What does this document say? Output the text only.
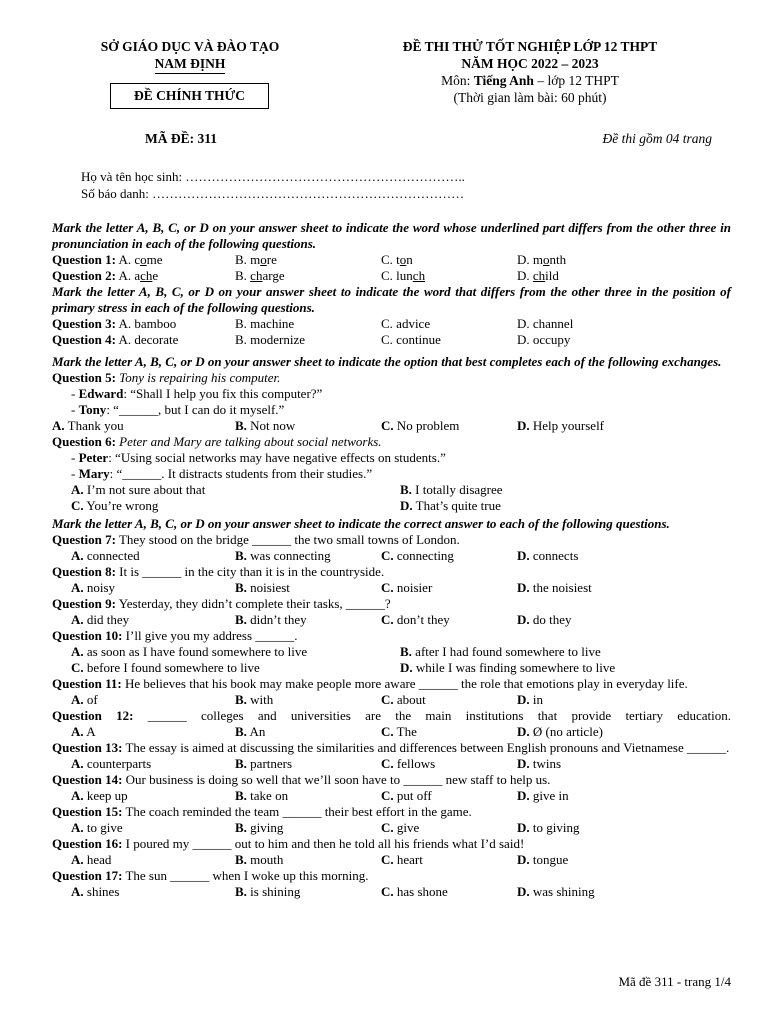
SỞ GIÁO DỤC VÀ ĐÀO TẠO
NAM ĐỊNH
ĐỀ CHÍNH THỨC
ĐỀ THI THỬ TỐT NGHIỆP LỚP 12 THPT
NĂM HỌC 2022 – 2023
Môn: Tiếng Anh – lớp 12 THPT
(Thời gian làm bài: 60 phút)
MÃ ĐỀ: 311	Đề thi gồm 04 trang
Họ và tên học sinh: ………………………………………………………..
Số báo danh: ………………………………………………………………
Mark the letter A, B, C, or D on your answer sheet to indicate the word whose underlined part differs from the other three in pronunciation in each of the following questions.
Question 1: A. come	B. more	C. ton	D. month
Question 2: A. ache	B. charge	C. lunch	D. child
Mark the letter A, B, C, or D on your answer sheet to indicate the word that differs from the other three in the position of primary stress in each of the following questions.
Question 3: A. bamboo	B. machine	C. advice	D. channel
Question 4: A. decorate	B. modernize	C. continue	D. occupy
Mark the letter A, B, C, or D on your answer sheet to indicate the option that best completes each of the following exchanges.
Question 5: Tony is repairing his computer.
- Edward: “Shall I help you fix this computer?”
- Tony: “______, but I can do it myself.”
A. Thank you	B. Not now	C. No problem	D. Help yourself
Question 6: Peter and Mary are talking about social networks.
- Peter: “Using social networks may have negative effects on students.”
- Mary: “______. It distracts students from their studies.”
A. I’m not sure about that	B. I totally disagree
C. You’re wrong	D. That’s quite true
Mark the letter A, B, C, or D on your answer sheet to indicate the correct answer to each of the following questions.
Question 7: They stood on the bridge ______ the two small towns of London.
A. connected	B. was connecting	C. connecting	D. connects
Question 8: It is ______ in the city than it is in the countryside.
A. noisy	B. noisiest	C. noisier	D. the noisiest
Question 9: Yesterday, they didn’t complete their tasks, ______?
A. did they	B. didn’t they	C. don’t they	D. do they
Question 10: I’ll give you my address ______.
A. as soon as I have found somewhere to live	B. after I had found somewhere to live
C. before I found somewhere to live	D. while I was finding somewhere to live
Question 11: He believes that his book may make people more aware ______ the role that emotions play in everyday life.
A. of	B. with	C. about	D. in
Question 12: ______ colleges and universities are the main institutions that provide tertiary education.
A. A	B. An	C. The	D. Ø (no article)
Question 13: The essay is aimed at discussing the similarities and differences between English pronouns and Vietnamese ______.
A. counterparts	B. partners	C. fellows	D. twins
Question 14: Our business is doing so well that we’ll soon have to ______ new staff to help us.
A. keep up	B. take on	C. put off	D. give in
Question 15: The coach reminded the team ______ their best effort in the game.
A. to give	B. giving	C. give	D. to giving
Question 16: I poured my ______ out to him and then he told all his friends what I’d said!
A. head	B. mouth	C. heart	D. tongue
Question 17: The sun ______ when I woke up this morning.
A. shines	B. is shining	C. has shone	D. was shining
Mã đề 311 - trang 1/4
